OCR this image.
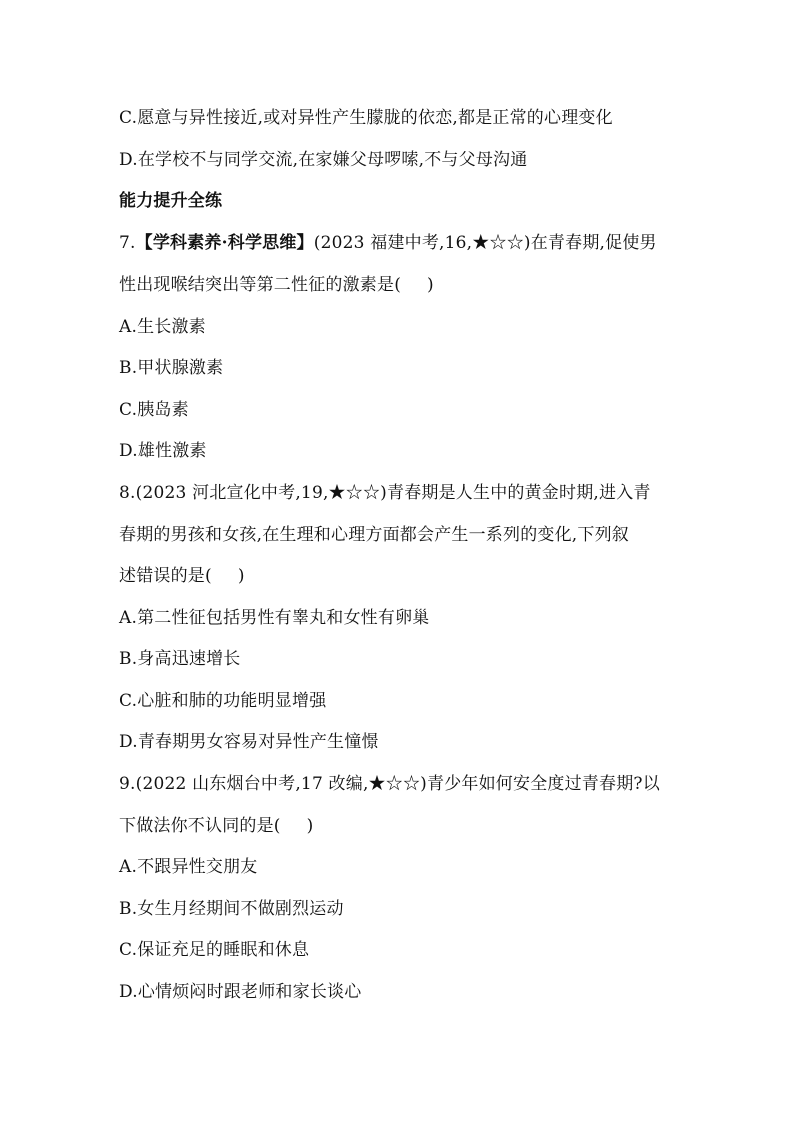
C.愿意与异性接近,或对异性产生朦胧的依恋,都是正常的心理变化
D.在学校不与同学交流,在家嫌父母啰嗦,不与父母沟通
能力提升全练
7.【学科素养·科学思维】(2023 福建中考,16,★☆☆)在青春期,促使男
性出现喉结突出等第二性征的激素是( )
A.生长激素
B.甲状腺激素
C.胰岛素
D.雄性激素
8.(2023 河北宣化中考,19,★☆☆)青春期是人生中的黄金时期,进入青
春期的男孩和女孩,在生理和心理方面都会产生一系列的变化,下列叙
述错误的是( )
A.第二性征包括男性有睾丸和女性有卵巢
B.身高迅速增长
C.心脏和肺的功能明显增强
D.青春期男女容易对异性产生憧憬
9.(2022 山东烟台中考,17 改编,★☆☆)青少年如何安全度过青春期?以
下做法你不认同的是( )
A.不跟异性交朋友
B.女生月经期间不做剧烈运动
C.保证充足的睡眠和休息
D.心情烦闷时跟老师和家长谈心
